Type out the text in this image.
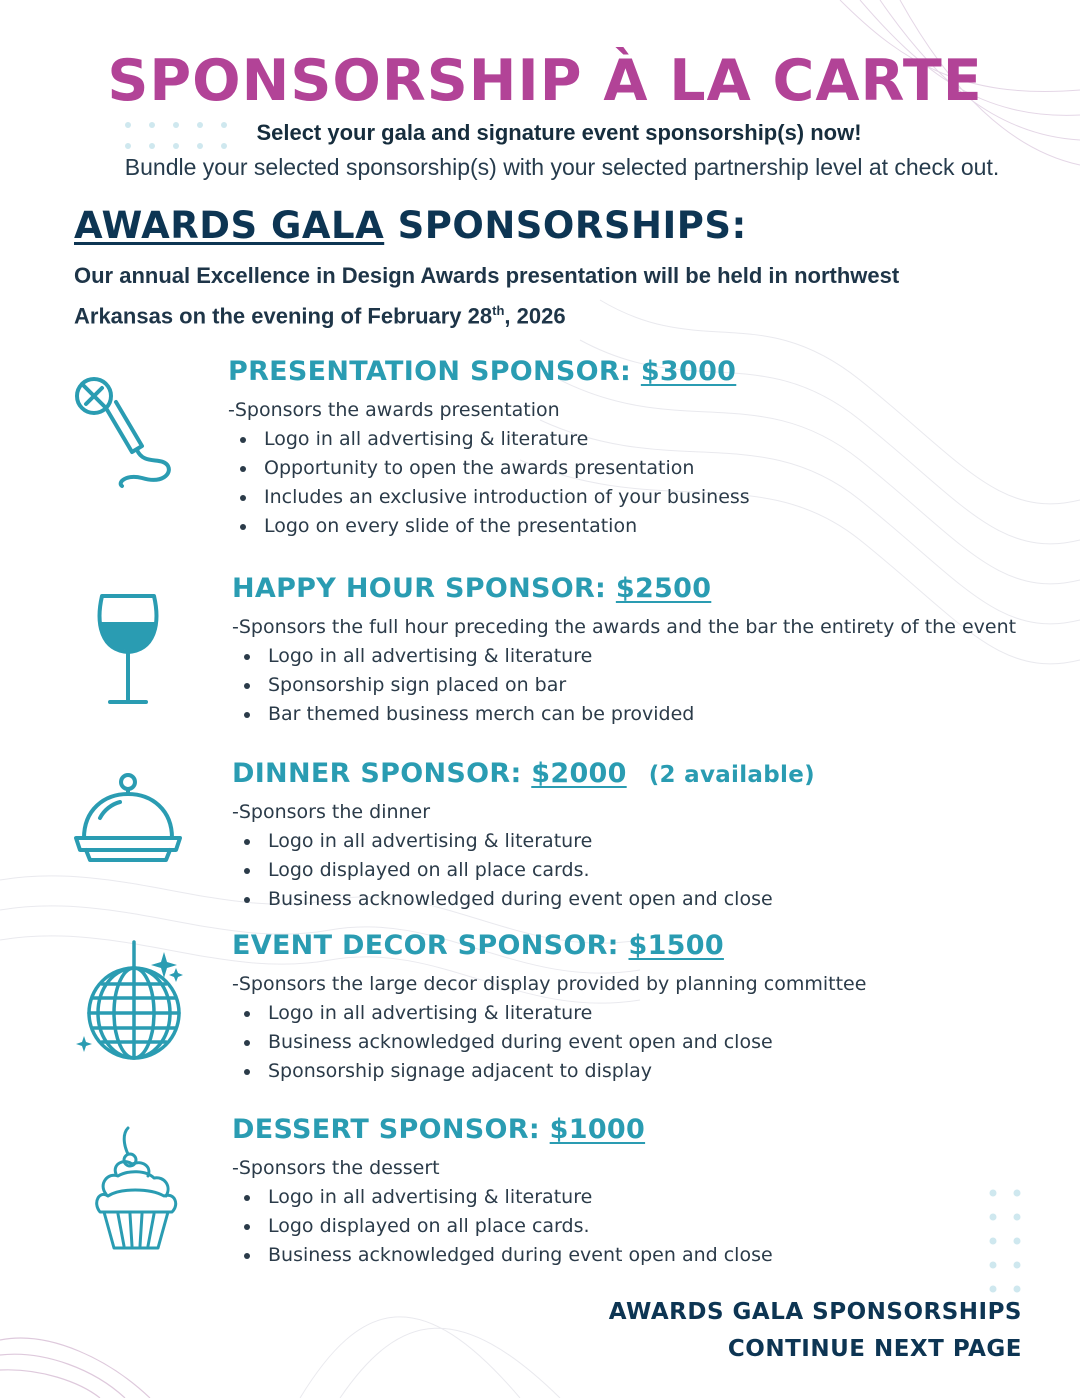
SPONSORSHIP À LA CARTE
Select your gala and signature event sponsorship(s) now!
Bundle your selected sponsorship(s) with your selected partnership level at check out.
AWARDS GALA SPONSORSHIPS:
Our annual Excellence in Design Awards presentation will be held in northwest
Arkansas on the evening of February 28th, 2026
PRESENTATION SPONSOR: $3000
-Sponsors the awards presentation
Logo in all advertising & literature
Opportunity to open the awards presentation
Includes an exclusive introduction of your business
Logo on every slide of the presentation
HAPPY HOUR SPONSOR: $2500
-Sponsors the full hour preceding the awards and the bar the entirety of the event
Logo in all advertising & literature
Sponsorship sign placed on bar
Bar themed business merch can be provided
DINNER SPONSOR: $2000 (2 available)
-Sponsors the dinner
Logo in all advertising & literature
Logo displayed on all place cards.
Business acknowledged during event open and close
EVENT DECOR SPONSOR: $1500
-Sponsors the large decor display provided by planning committee
Logo in all advertising & literature
Business acknowledged during event open and close
Sponsorship signage adjacent to display
DESSERT SPONSOR: $1000
-Sponsors the dessert
Logo in all advertising & literature
Logo displayed on all place cards.
Business acknowledged during event open and close
AWARDS GALA SPONSORSHIPS
CONTINUE NEXT PAGE
